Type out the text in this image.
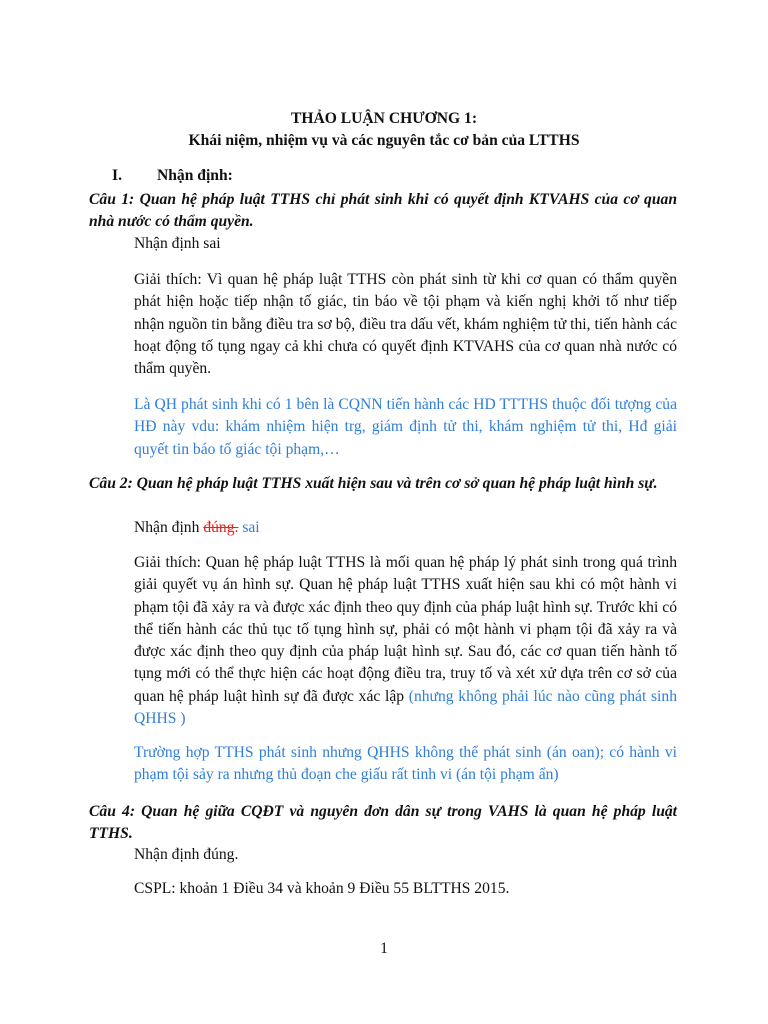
THẢO LUẬN CHƯƠNG 1:
Khái niệm, nhiệm vụ và các nguyên tắc cơ bản của LTTHS
I. Nhận định:
Câu 1: Quan hệ pháp luật TTHS chỉ phát sinh khi có quyết định KTVAHS của cơ quan nhà nước có thẩm quyền.
Nhận định sai
Giải thích: Vì quan hệ pháp luật TTHS còn phát sinh từ khi cơ quan có thẩm quyền phát hiện hoặc tiếp nhận tố giác, tin báo về tội phạm và kiến nghị khởi tố như tiếp nhận nguồn tin bằng điều tra sơ bộ, điều tra dấu vết, khám nghiệm tử thi, tiến hành các hoạt động tố tụng ngay cả khi chưa có quyết định KTVAHS của cơ quan nhà nước có thẩm quyền.
Là QH phát sinh khi có 1 bên là CQNN tiến hành các HD TTTHS thuộc đối tượng của HĐ này vdu: khám nhiệm hiện trg, giám định tử thi, khám nghiệm tử thi, Hđ giải quyết tin báo tố giác tội phạm,…
Câu 2: Quan hệ pháp luật TTHS xuất hiện sau và trên cơ sở quan hệ pháp luật hình sự.
Nhận định đúng. sai
Giải thích: Quan hệ pháp luật TTHS là mối quan hệ pháp lý phát sinh trong quá trình giải quyết vụ án hình sự. Quan hệ pháp luật TTHS xuất hiện sau khi có một hành vi phạm tội đã xảy ra và được xác định theo quy định của pháp luật hình sự. Trước khi có thể tiến hành các thủ tục tố tụng hình sự, phải có một hành vi phạm tội đã xảy ra và được xác định theo quy định của pháp luật hình sự. Sau đó, các cơ quan tiến hành tố tụng mới có thể thực hiện các hoạt động điều tra, truy tố và xét xử dựa trên cơ sở của quan hệ pháp luật hình sự đã được xác lập (nhưng không phải lúc nào cũng phát sinh QHHS )
Trường hợp TTHS phát sinh nhưng QHHS không thể phát sinh (án oan); có hành vi phạm tội sảy ra nhưng thủ đoạn che giấu rất tinh vi (án tội phạm ẩn)
Câu 4: Quan hệ giữa CQĐT và nguyên đơn dân sự trong VAHS là quan hệ pháp luật TTHS.
Nhận định đúng.
CSPL: khoản 1 Điều 34 và khoản 9 Điều 55 BLTTHS 2015.
1
